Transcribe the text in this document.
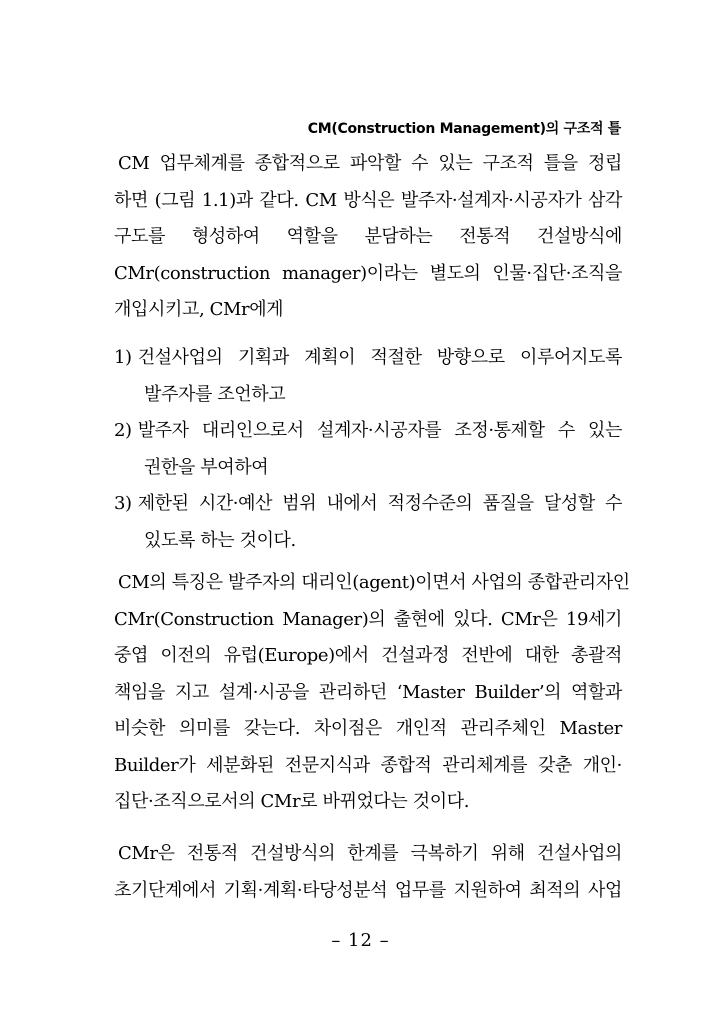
CM(Construction Management)의 구조적 틀
CM 업무체계를 종합적으로 파악할 수 있는 구조적 틀을 정립
하면 (그림 1.1)과 같다. CM 방식은 발주자·설계자·시공자가 삼각
구도를 형성하여 역할을 분담하는 전통적 건설방식에
CMr(construction manager)이라는 별도의 인물·집단·조직을
개입시키고, CMr에게
1) 건설사업의 기획과 계획이 적절한 방향으로 이루어지도록
발주자를 조언하고
2) 발주자 대리인으로서 설계자·시공자를 조정·통제할 수 있는
권한을 부여하여
3) 제한된 시간·예산 범위 내에서 적정수준의 품질을 달성할 수
있도록 하는 것이다.
CM의 특징은 발주자의 대리인(agent)이면서 사업의 종합관리자인
CMr(Construction Manager)의 출현에 있다. CMr은 19세기
중엽 이전의 유럽(Europe)에서 건설과정 전반에 대한 총괄적
책임을 지고 설계·시공을 관리하던 ‘Master Builder’의 역할과
비슷한 의미를 갖는다. 차이점은 개인적 관리주체인 Master
Builder가 세분화된 전문지식과 종합적 관리체계를 갖춘 개인·
집단·조직으로서의 CMr로 바뀌었다는 것이다.
CMr은 전통적 건설방식의 한계를 극복하기 위해 건설사업의
초기단계에서 기획·계획·타당성분석 업무를 지원하여 최적의 사업
– 12 –
